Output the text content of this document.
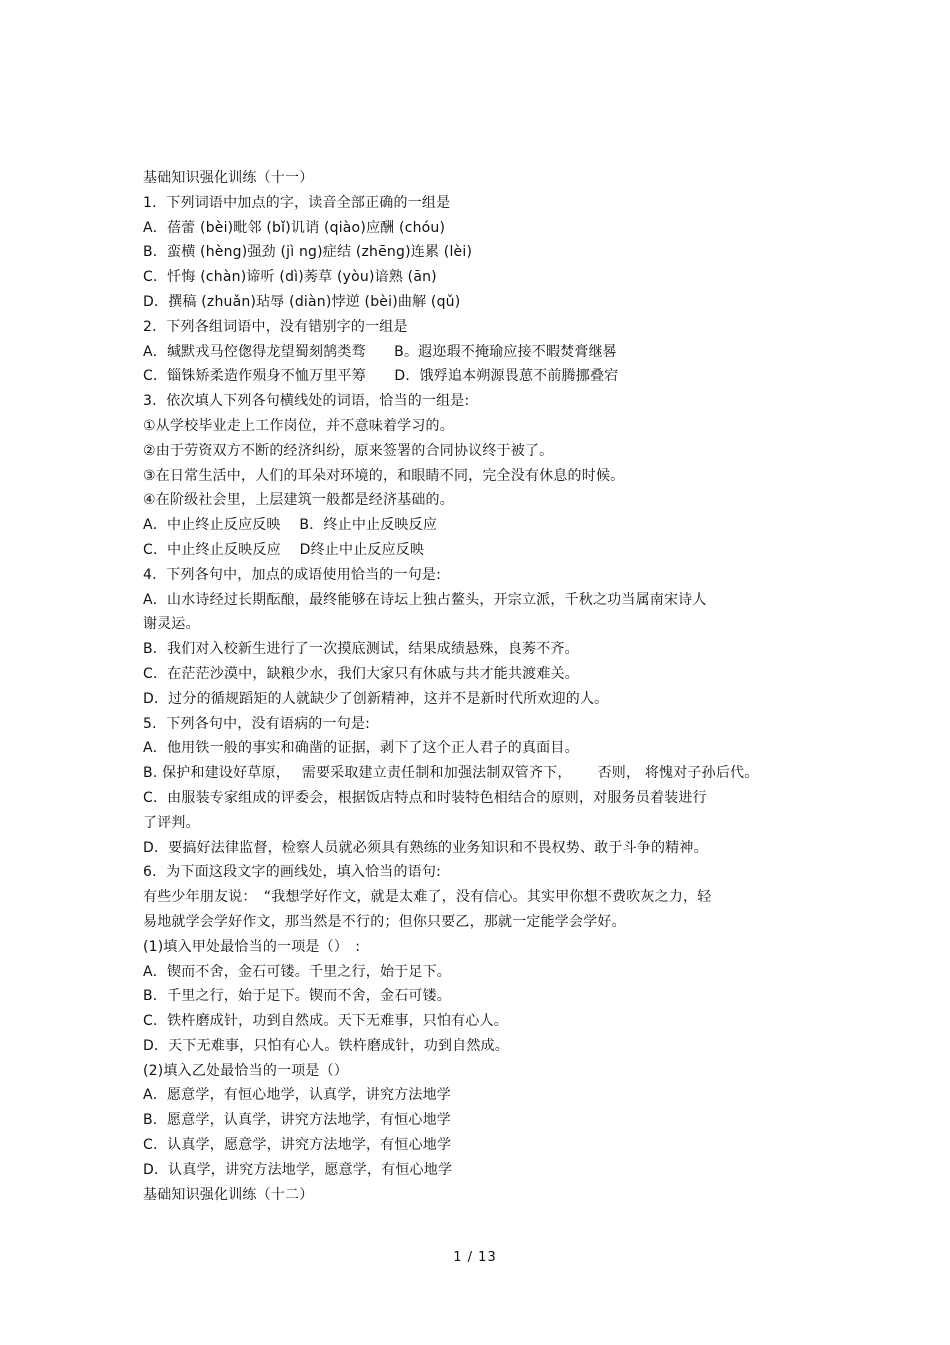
基础知识强化训练（十一）
1．下列词语中加点的字，读音全部正确的一组是
A．蓓蕾 (bèi)毗邻 (bǐ)讥诮 (qiào)应酬 (chóu)
B．蛮横 (hèng)强劲 (jì ng)症结 (zhēng)连累 (lèi)
C．忏悔 (chàn)谛听 (dì)莠草 (yòu)谙熟 (ān)
D．撰稿 (zhuǎn)玷辱 (diàn)悖逆 (bèi)曲解 (qǔ)
2．下列各组词语中，没有错别字的一组是
A．缄默戎马倥偬得龙望蜀刻鹄类骛　　B。遐迩瑕不掩瑜应接不暇焚膏继晷
C．锱铢矫柔造作殒身不恤万里平筹　　D．饿殍追本朔源畏葸不前腾挪叠宕
3．依次填人下列各句横线处的词语，恰当的一组是:
①从学校毕业走上工作岗位，并不意味着学习的。
②由于劳资双方不断的经济纠纷，原来签署的合同协议终于被了。
③在日常生活中，人们的耳朵对环境的，和眼睛不同，完全没有休息的时候。
④在阶级社会里，上层建筑一般都是经济基础的。
A．中止终止反应反映　 B．终止中止反映反应
C．中止终止反映反应　 D终止中止反应反映
4．下列各句中，加点的成语使用恰当的一句是:
A．山水诗经过长期酝酿，最终能够在诗坛上独占鳌头，开宗立派，千秋之功当属南宋诗人
谢灵运。
B．我们对入校新生进行了一次摸底测试，结果成绩悬殊，良莠不齐。
C．在茫茫沙漠中，缺粮少水，我们大家只有休戚与共才能共渡难关。
D．过分的循规蹈矩的人就缺少了创新精神，这并不是新时代所欢迎的人。
5．下列各句中，没有语病的一句是:
A．他用铁一般的事实和确凿的证据，剥下了这个正人君子的真面目。
B. 保护和建设好草原，　 需要采取建立责任制和加强法制双管齐下，　　 否则， 将愧对子孙后代。
C．由服装专家组成的评委会，根据饭店特点和时装特色相结合的原则，对服务员着装进行
了评判。
D．要搞好法律监督，检察人员就必须具有熟练的业务知识和不畏权势、敢于斗争的精神。
6．为下面这段文字的画线处，填入恰当的语句:
有些少年朋友说：　“我想学好作文，就是太难了，没有信心。其实甲你想不费吹灰之力，轻
易地就学会学好作文，那当然是不行的；但你只要乙，那就一定能学会学好。
(1)填入甲处最恰当的一项是（）　:
A．锲而不舍，金石可镂。千里之行，始于足下。
B．千里之行，始于足下。锲而不舍，金石可镂。
C．铁杵磨成针，功到自然成。天下无难事，只怕有心人。
D．天下无难事，只怕有心人。铁杵磨成针，功到自然成。
(2)填入乙处最恰当的一项是（）
A．愿意学，有恒心地学，认真学，讲究方法地学
B．愿意学，认真学，讲究方法地学，有恒心地学
C．认真学，愿意学，讲究方法地学，有恒心地学
D．认真学，讲究方法地学，愿意学，有恒心地学
基础知识强化训练（十二）
1 / 13
